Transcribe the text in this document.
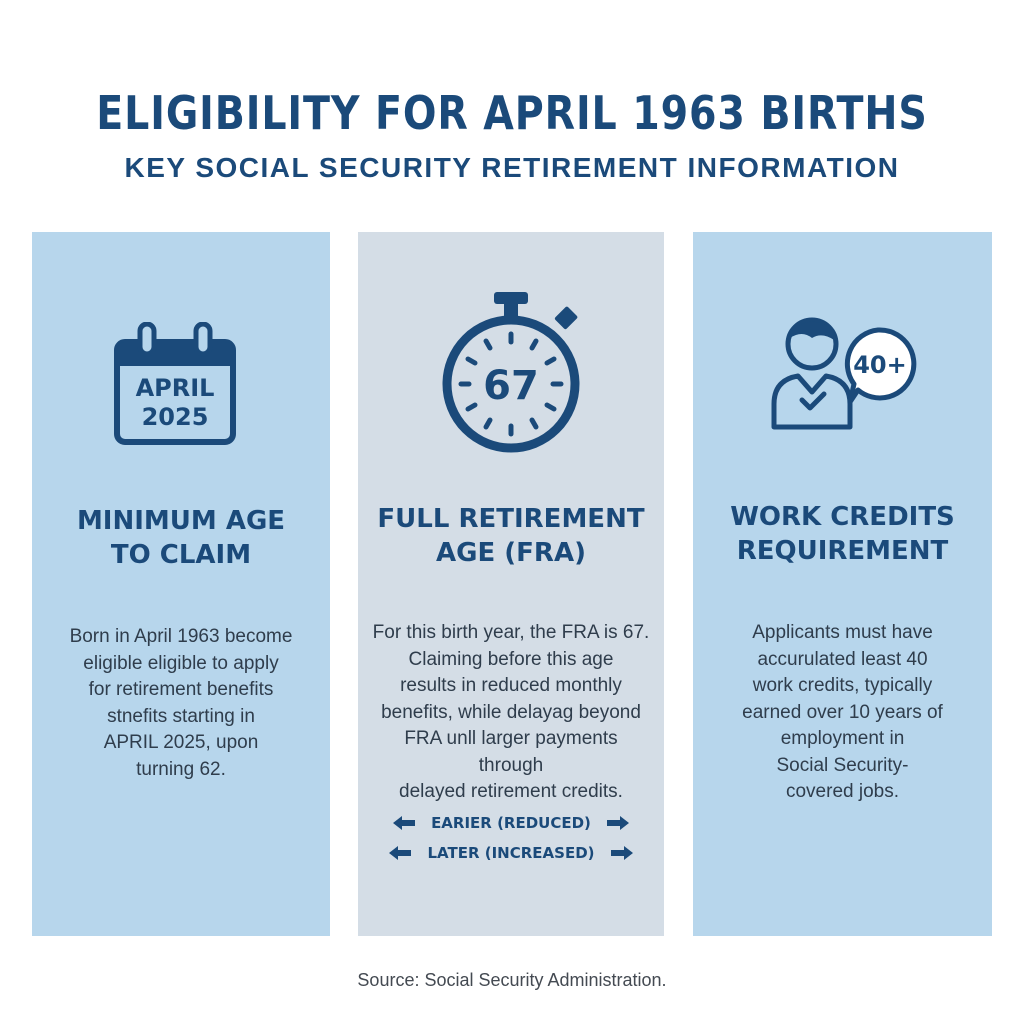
ELIGIBILITY FOR APRIL 1963 BIRTHS
KEY SOCIAL SECURITY RETIREMENT INFORMATION
APRIL
2025
MINIMUM AGE
TO CLAIM

Born in April 1963 become
eligible eligible to apply
for retirement benefits
stnefits starting in
APRIL 2025, upon
turning 62.

67
FULL RETIREMENT
AGE (FRA)

For this birth year, the FRA is 67.
Claiming before this age
results in reduced monthly
benefits, while delayag beyond
FRA unll larger payments through
delayed retirement credits.

EARIER (REDUCED)
LATER (INCREASED)
40+
WORK CREDITS
REQUIREMENT

Applicants must have
accurulated least 40
work credits, typically
earned over 10 years of
employment in
Social Security-
covered jobs.

Source: Social Security Administration.
